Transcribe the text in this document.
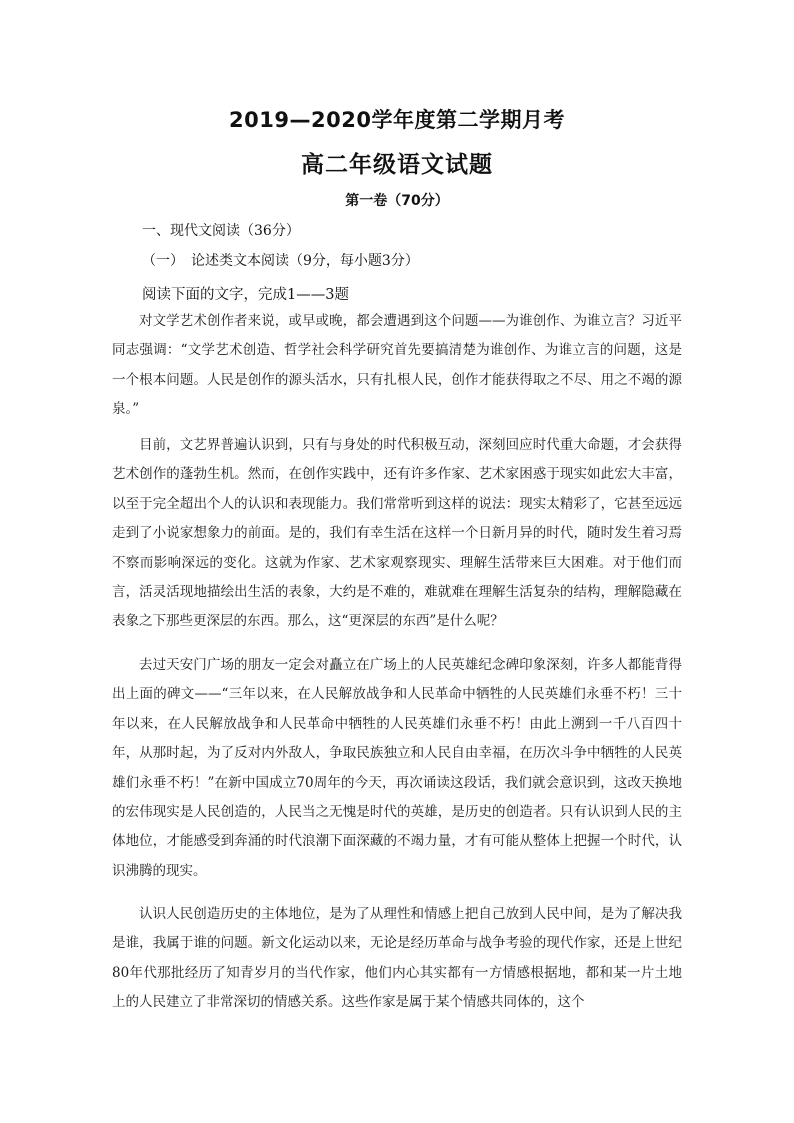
2019—2020学年度第二学期月考
高二年级语文试题
第一卷（70分）
一、现代文阅读（36分）
（一）　论述类文本阅读（9分，每小题3分）
阅读下面的文字，完成1——3题

对文学艺术创作者来说，或早或晚，都会遭遇到这个问题——为谁创作、为谁立言？习近平同志强调：“文学艺术创造、哲学社会科学研究首先要搞清楚为谁创作、为谁立言的问题，这是一个根本问题。人民是创作的源头活水，只有扎根人民，创作才能获得取之不尽、用之不竭的源泉。”

目前，文艺界普遍认识到，只有与身处的时代积极互动，深刻回应时代重大命题，才会获得艺术创作的蓬勃生机。然而，在创作实践中，还有许多作家、艺术家困惑于现实如此宏大丰富，以至于完全超出个人的认识和表现能力。我们常常听到这样的说法：现实太精彩了，它甚至远远走到了小说家想象力的前面。是的，我们有幸生活在这样一个日新月异的时代，随时发生着习焉不察而影响深远的变化。这就为作家、艺术家观察现实、理解生活带来巨大困难。对于他们而言，活灵活现地描绘出生活的表象，大约是不难的，难就难在理解生活复杂的结构，理解隐藏在表象之下那些更深层的东西。那么，这“更深层的东西”是什么呢？

去过天安门广场的朋友一定会对矗立在广场上的人民英雄纪念碑印象深刻，许多人都能背得出上面的碑文——“三年以来，在人民解放战争和人民革命中牺牲的人民英雄们永垂不朽！三十年以来，在人民解放战争和人民革命中牺牲的人民英雄们永垂不朽！由此上溯到一千八百四十年，从那时起，为了反对内外敌人，争取民族独立和人民自由幸福，在历次斗争中牺牲的人民英雄们永垂不朽！”在新中国成立70周年的今天，再次诵读这段话，我们就会意识到，这改天换地的宏伟现实是人民创造的，人民当之无愧是时代的英雄，是历史的创造者。只有认识到人民的主体地位，才能感受到奔涌的时代浪潮下面深藏的不竭力量，才有可能从整体上把握一个时代，认识沸腾的现实。

认识人民创造历史的主体地位，是为了从理性和情感上把自己放到人民中间，是为了解决我是谁，我属于谁的问题。新文化运动以来，无论是经历革命与战争考验的现代作家，还是上世纪80年代那批经历了知青岁月的当代作家，他们内心其实都有一方情感根据地，都和某一片土地上的人民建立了非常深切的情感关系。这些作家是属于某个情感共同体的，这个
